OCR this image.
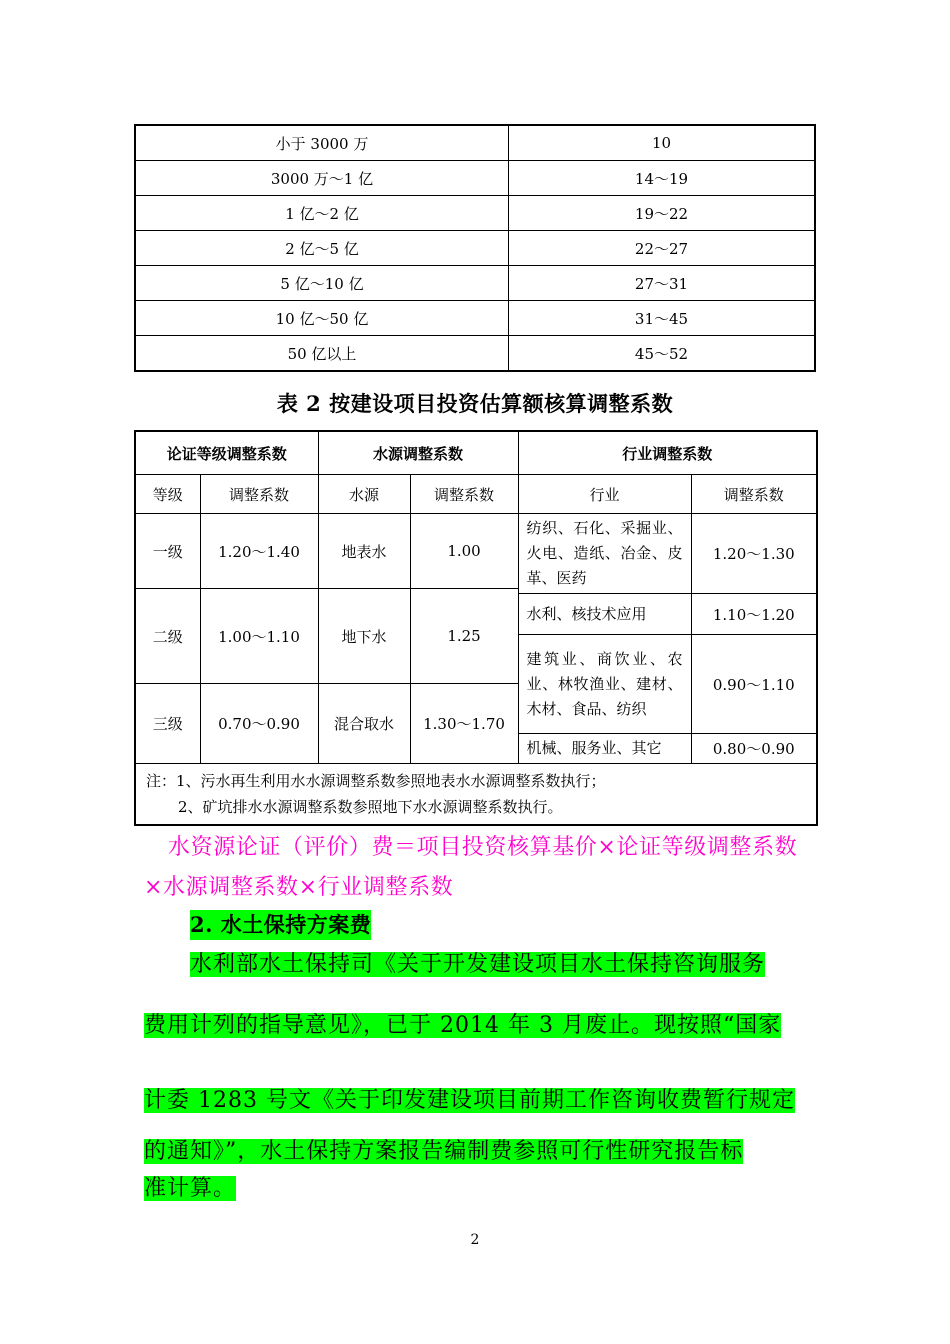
小于 3000 万	10
3000 万～1 亿	14～19
1 亿～2 亿	19～22
2 亿～5 亿	22～27
5 亿～10 亿	27～31
10 亿～50 亿	31～45
50 亿以上	45～52
表 2 按建设项目投资估算额核算调整系数
论证等级调整系数		水源调整系数		行业调整系数	
等级	调整系数	水源	调整系数	行业	调整系数
一级	1.20～1.40	地表水	1.00	纺织、石化、采掘业、火电、造纸、冶金、皮革、医药	1.20～1.30
二级	1.00～1.10	地下水	1.25		
				水利、核技术应用	1.10～1.20
				建筑业、商饮业、农业、林牧渔业、建材、木材、食品、纺织	0.90～1.10
三级	0.70～0.90	混合取水	1.30～1.70		
				机械、服务业、其它	0.80～0.90

注：1、污水再生利用水水源调整系数参照地表水水源调整系数执行；
2、矿坑排水水源调整系数参照地下水水源调整系数执行。					
水资源论证（评价）费＝项目投资核算基价×论证等级调整系数×水源调整系数×行业调整系数
2. 水土保持方案费
水利部水土保持司《关于开发建设项目水土保持咨询服务
费用计列的指导意见》，已于 2014 年 3 月废止。现按照“国家
计委 1283 号文《关于印发建设项目前期工作咨询收费暂行规定
的通知》”，水土保持方案报告编制费参照可行性研究报告标
准计算。
2
